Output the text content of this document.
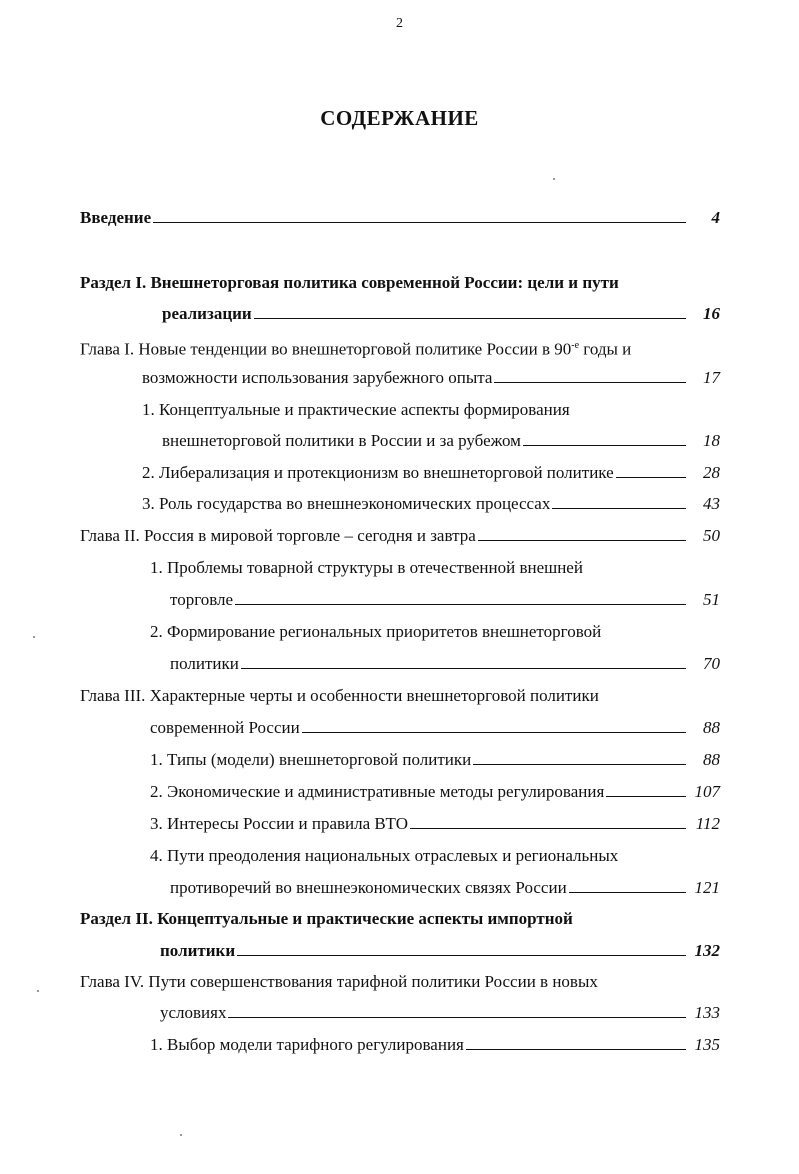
2
СОДЕРЖАНИЕ
Введение	4
Раздел I. Внешнеторговая политика современной России: цели и пути
реализации	16
Глава I. Новые тенденции во внешнеторговой политике России в $90^{-е}$ годы и
возможности использования зарубежного опыта	17
1. Концептуальные и практические аспекты формирования
внешнеторговой политики в России и за рубежом	18
2. Либерализация и протекционизм во внешнеторговой политике	28
3. Роль государства во внешнеэкономических процессах	43
Глава II. Россия в мировой торговле – сегодня и завтра	50
1. Проблемы товарной структуры в отечественной внешней
торговле	51
2. Формирование региональных приоритетов внешнеторговой
политики	70
Глава III. Характерные черты и особенности внешнеторговой политики
современной России	88
1. Типы (модели) внешнеторговой политики	88
2. Экономические и административные методы регулирования	107
3. Интересы России и правила ВТО	112
4. Пути преодоления национальных отраслевых и региональных
противоречий во внешнеэкономических связях России	121
Раздел II. Концептуальные и практические аспекты импортной
политики	132
Глава IV. Пути совершенствования тарифной политики России в новых
условиях	133
1. Выбор модели тарифного регулирования	135
